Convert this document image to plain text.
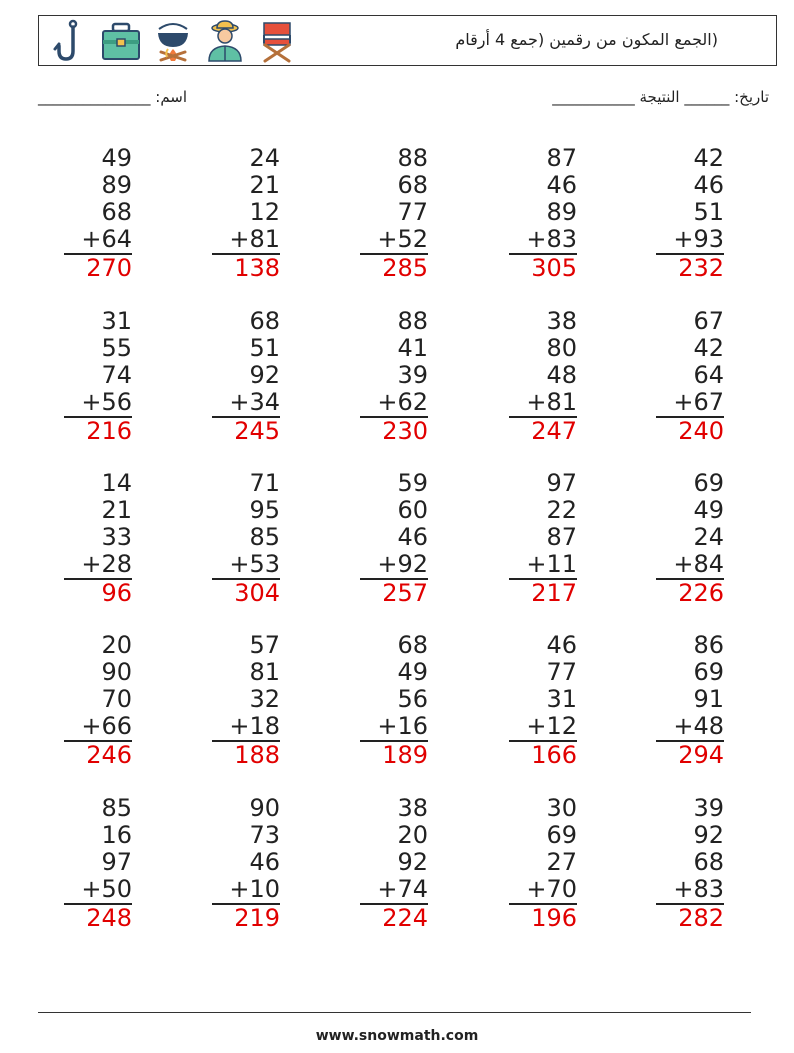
(الجمع المكون من رقمين (جمع 4 أرقام
اسم: _______________	تاريخ: ______ النتيجة ___________
49
89
68
+64
270
24
21
12
+81
138
88
68
77
+52
285
87
46
89
+83
305
42
46
51
+93
232
31
55
74
+56
216
68
51
92
+34
245
88
41
39
+62
230
38
80
48
+81
247
67
42
64
+67
240
14
21
33
+28
96
71
95
85
+53
304
59
60
46
+92
257
97
22
87
+11
217
69
49
24
+84
226
20
90
70
+66
246
57
81
32
+18
188
68
49
56
+16
189
46
77
31
+12
166
86
69
91
+48
294
85
16
97
+50
248
90
73
46
+10
219
38
20
92
+74
224
30
69
27
+70
196
39
92
68
+83
282
www.snowmath.com
